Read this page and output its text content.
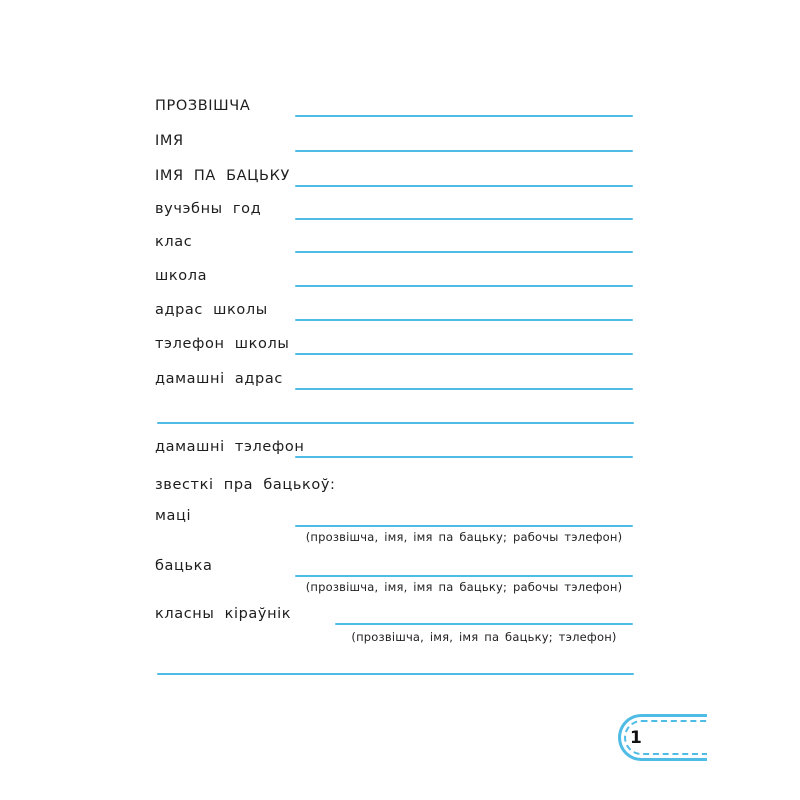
ПРОЗВІШЧА
ІМЯ
ІМЯ ПА БАЦЬКУ
вучэбны год
клас
школа
адрас школы
тэлефон школы
дамашні адрас
дамашні тэлефон
звесткі пра бацькоў:
маці
(прозвішча, імя, імя па бацьку; рабочы тэлефон)
бацька
(прозвішча, імя, імя па бацьку; рабочы тэлефон)
класны кіраўнік
(прозвішча, імя, імя па бацьку; тэлефон)
1
